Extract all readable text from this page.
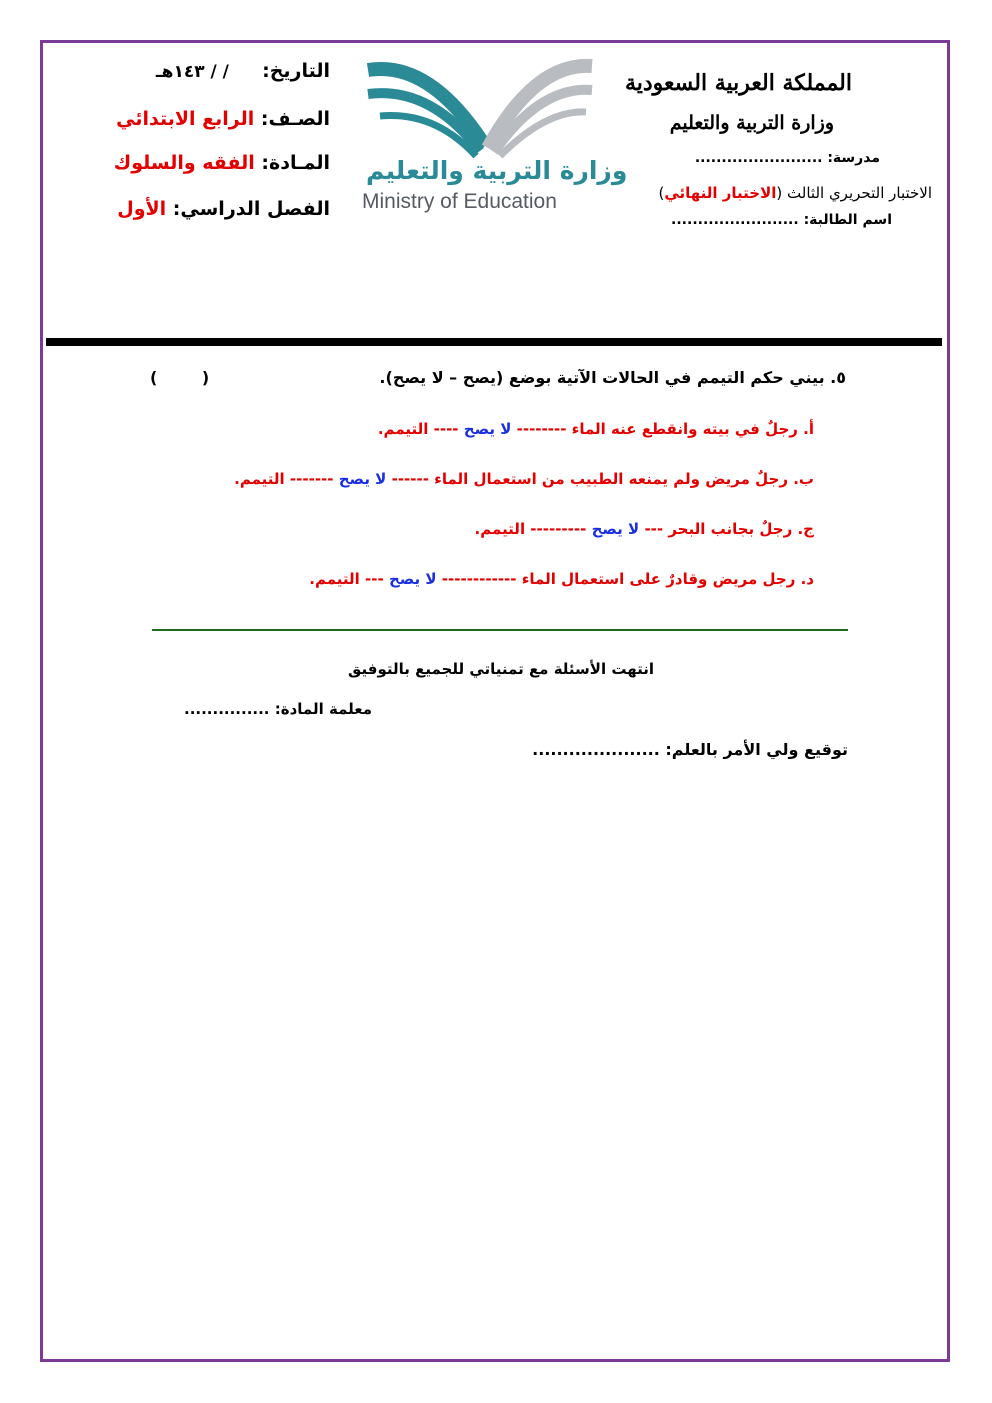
المملكة العربية السعودية
وزارة التربية والتعليم
مدرسة: ........................
الاختبار التحريري الثالث (الاختبار النهائي)
اسم الطالبة: ........................
وزارة التربية والتعليم
Ministry of Education
التاريخ:  / / ١٤٣هـ
الصـف: الرابع الابتدائي
المـادة: الفقه والسلوك
الفصل الدراسي: الأول
٥. بيني حكم التيمم في الحالات الآتية بوضع (يصح – لا يصح).
(        )
أ. رجلٌ في بيته وانقطع عنه الماء -------- لا يصح ---- التيمم.
ب. رجلٌ مريض ولم يمنعه الطبيب من استعمال الماء ------ لا يصح ------- التيمم.
ج. رجلٌ بجانب البحر --- لا يصح --------- التيمم.
د. رجل مريض وقادرٌ على استعمال الماء ------------ لا يصح --- التيمم.
انتهت الأسئلة مع تمنياتي للجميع بالتوفيق
معلمة المادة: ...............
توقيع ولي الأمر بالعلم: .....................
